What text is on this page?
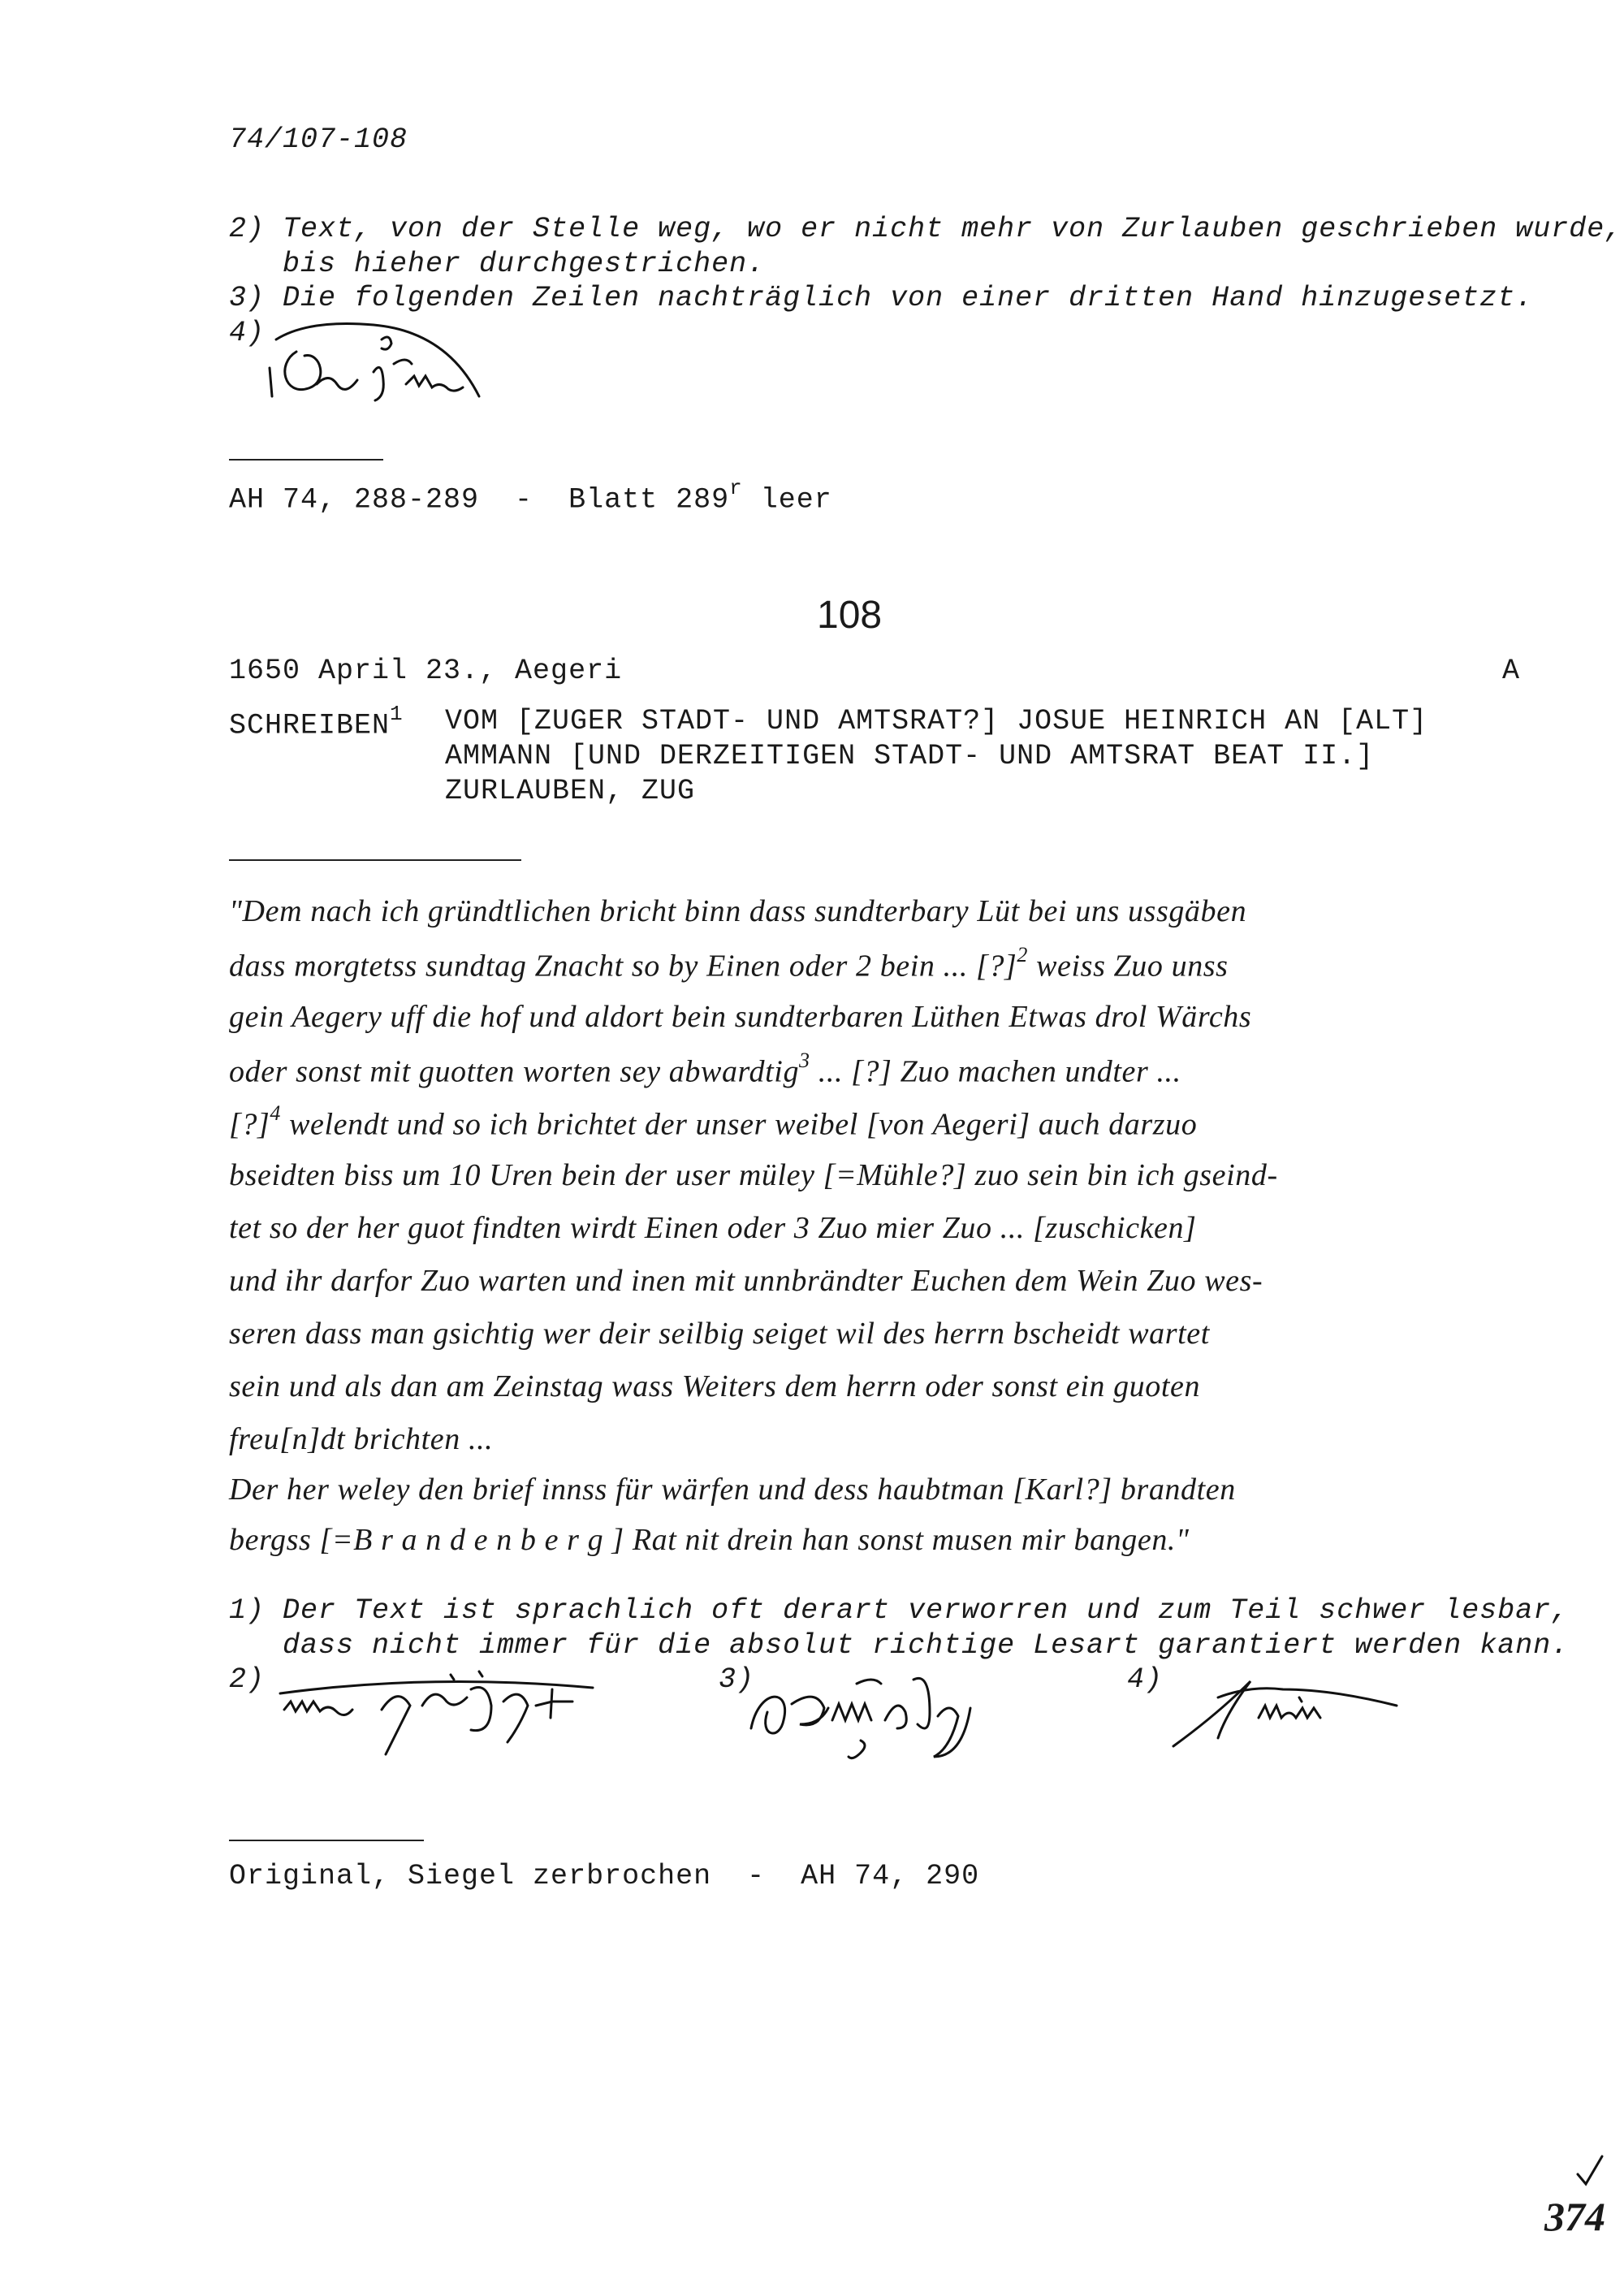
74/107-108
2) Text, von der Stelle weg, wo er nicht mehr von Zurlauben geschrieben wurde,
bis hieher durchgestrichen.
3) Die folgenden Zeilen nachträglich von einer dritten Hand hinzugesetzt.
4)
AH 74, 288-289  -  Blatt 289$^r$ leer
108
1650 April 23., Aegeri	A
SCHREIBEN$^1$ VOM [ZUGER STADT- UND AMTSRAT?] JOSUE HEINRICH AN [ALT]
AMMANN [UND DERZEITIGEN STADT- UND AMTSRAT BEAT II.]
ZURLAUBEN, ZUG
"Dem nach ich gründtlichen bricht binn dass sundterbary Lüt bei uns ussgäben
dass morgtetss sundtag Znacht so by Einen oder 2 bein ... [?]$^2$ weiss Zuo unss
gein Aegery uff die hof und aldort bein sundterbaren Lüthen Etwas drol Wärchs
oder sonst mit guotten worten sey abwardtig$^3$ ... [?] Zuo machen undter ...
[?]$^4$ welendt und so ich brichtet der unser weibel [von Aegeri] auch darzuo
bseidten biss um 10 Uren bein der user müley [=Mühle?] zuo sein bin ich gseind-
tet so der her guot findten wirdt Einen oder 3 Zuo mier Zuo ... [zuschicken]
und ihr darfor Zuo warten und inen mit unnbrändter Euchen dem Wein Zuo wes-
seren dass man gsichtig wer deir seilbig seiget wil des herrn bscheidt wartet
sein und als dan am Zeinstag wass Weiters dem herrn oder sonst ein guoten
freu[n]dt brichten ...
Der her weley den brief innss für wärfen und dess haubtman [Karl?] brandten
bergss [=B r a n d e n b e r g ] Rat nit drein han sonst musen mir bangen."
1) Der Text ist sprachlich oft derart verworren und zum Teil schwer lesbar,
dass nicht immer für die absolut richtige Lesart garantiert werden kann.
2)	3)	4)
Original, Siegel zerbrochen  -  AH 74, 290
374
